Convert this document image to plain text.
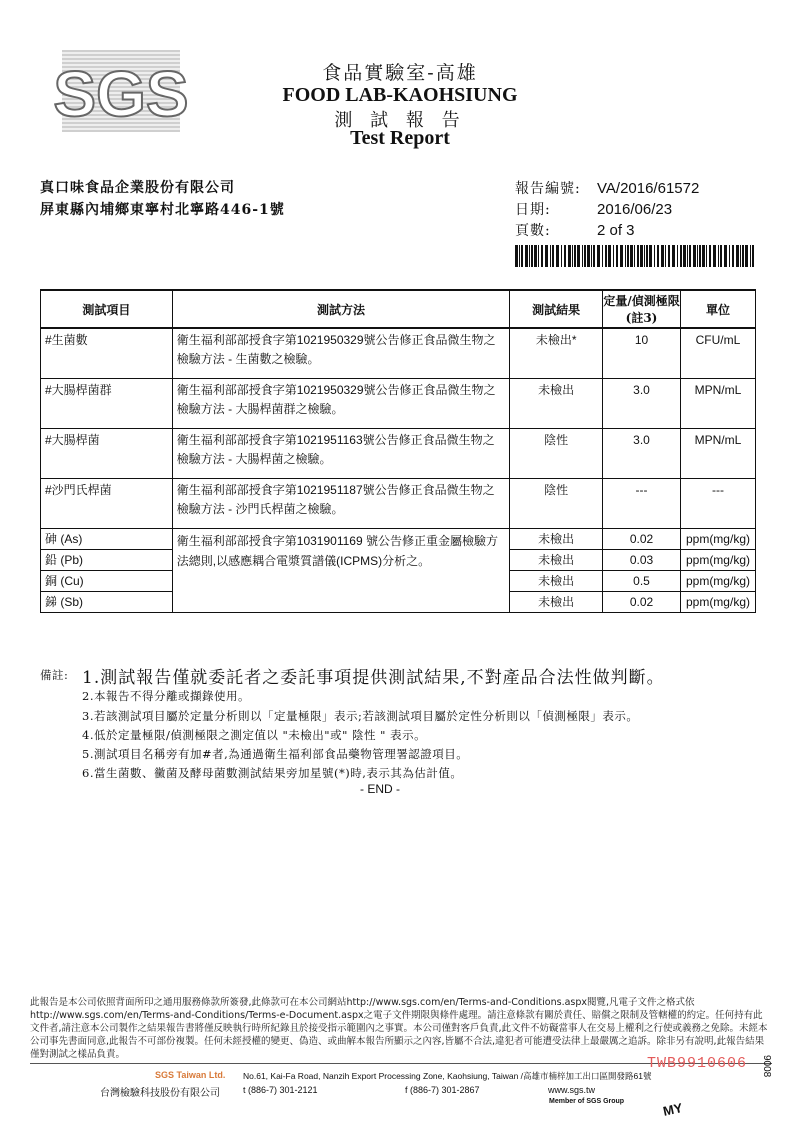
SGS	食品實驗室-高雄
FOOD LAB-KAOHSIUNG
測 試 報 告
Test Report
真口味食品企業股份有限公司
屏東縣內埔鄉東寧村北寧路446-1號
報告編號: VA/2016/61572
日期:	2016/06/23
頁數:	2 of 3
測試項目	測試方法	測試結果	定量/偵測極限(註3)	單位
#生菌數	衛生福利部部授食字第1021950329號公告修正食品微生物之檢驗方法 - 生菌數之檢驗。	未檢出*	10	CFU/mL
#大腸桿菌群	衛生福利部部授食字第1021950329號公告修正食品微生物之檢驗方法 - 大腸桿菌群之檢驗。	未檢出	3.0	MPN/mL
#大腸桿菌	衛生福利部部授食字第1021951163號公告修正食品微生物之檢驗方法 - 大腸桿菌之檢驗。	陰性	3.0	MPN/mL
#沙門氏桿菌	衛生福利部部授食字第1021951187號公告修正食品微生物之檢驗方法 - 沙門氏桿菌之檢驗。	陰性	---	---
砷 (As)	衛生福利部部授食字第1031901169 號公告修正重金屬檢驗方法總則,以感應耦合電漿質譜儀(ICPMS)分析之。	未檢出	0.02	ppm(mg/kg)
鉛 (Pb)		未檢出	0.03	ppm(mg/kg)
銅 (Cu)		未檢出	0.5	ppm(mg/kg)
銻 (Sb)		未檢出	0.02	ppm(mg/kg)
備註: 1.測試報告僅就委託者之委託事項提供測試結果,不對產品合法性做判斷。
2.本報告不得分離或擷錄使用。
3.若該測試項目屬於定量分析則以「定量極限」表示;若該測試項目屬於定性分析則以「偵測極限」表示。
4.低於定量極限/偵測極限之測定值以 "未檢出"或" 陰性 " 表示。
5.測試項目名稱旁有加#者,為通過衛生福利部食品藥物管理署認證項目。
6.當生菌數、黴菌及酵母菌數測試結果旁加星號(*)時,表示其為估計值。
- END -
此報告是本公司依照背面所印之通用服務條款所簽發,此條款可在本公司網站http://www.sgs.com/en/Terms-and-Conditions.aspx閱覽,凡電子文件之格式依http://www.sgs.com/en/Terms-and-Conditions/Terms-e-Document.aspx之電子文件期限與條件處理。請注意條款有關於責任、賠償之限制及管轄權的約定。任何持有此文件者,請注意本公司製作之結果報告書將僅反映執行時所紀錄且於接受指示範圍內之事實。本公司僅對客戶負責,此文件不妨礙當事人在交易上權利之行使或義務之免除。未經本公司事先書面同意,此報告不可部份複製。任何未經授權的變更、偽造、或曲解本報告所顯示之內容,皆屬不合法,違犯者可能遭受法律上最嚴厲之追訴。除非另有說明,此報告結果僅對測試之樣品負責。
SGS Taiwan Ltd.
台灣檢驗科技股份有限公司
No.61, Kai-Fa Road, Nanzih Export Processing Zone, Kaohsiung, Taiwan /高雄市楠梓加工出口區開發路61號
t (886-7) 301-2121	f (886-7) 301-2867	www.sgs.tw
Member of SGS Group
TWB9910606
MY
9008
